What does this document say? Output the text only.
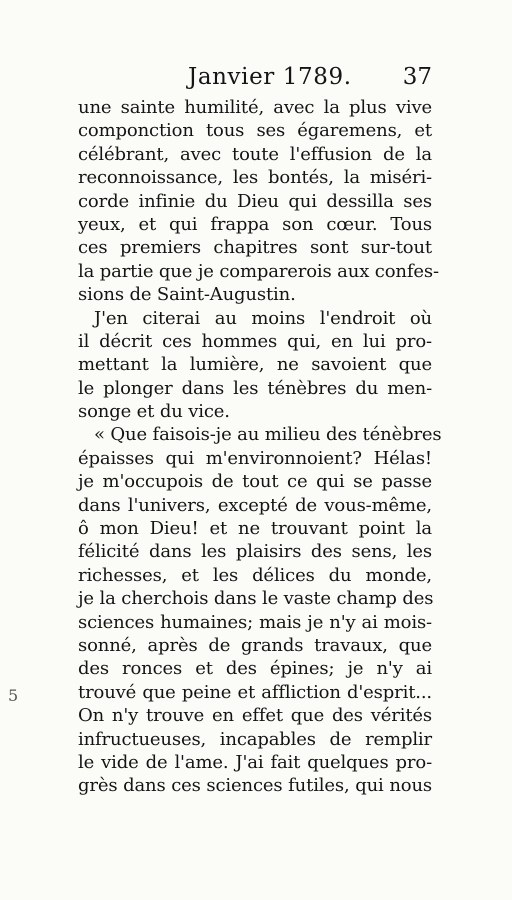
Janvier 1789. 37
une sainte humilité, avec la plus vive
componction tous ses égaremens, et
célébrant, avec toute l'effusion de la
reconnoissance, les bontés, la miséri-
corde infinie du Dieu qui dessilla ses
yeux, et qui frappa son cœur. Tous
ces premiers chapitres sont sur-tout
la partie que je comparerois aux confes-
sions de Saint-Augustin.
J'en citerai au moins l'endroit où
il décrit ces hommes qui, en lui pro-
mettant la lumière, ne savoient que
le plonger dans les ténèbres du men-
songe et du vice.
« Que faisois-je au milieu des ténèbres
épaisses qui m'environnoient? Hélas!
je m'occupois de tout ce qui se passe
dans l'univers, excepté de vous-même,
ô mon Dieu! et ne trouvant point la
félicité dans les plaisirs des sens, les
richesses, et les délices du monde,
je la cherchois dans le vaste champ des
sciences humaines; mais je n'y ai mois-
sonné, après de grands travaux, que
des ronces et des épines; je n'y ai
trouvé que peine et affliction d'esprit...
On n'y trouve en effet que des vérités
infructueuses, incapables de remplir
le vide de l'ame. J'ai fait quelques pro-
grès dans ces sciences futiles, qui nous
5
